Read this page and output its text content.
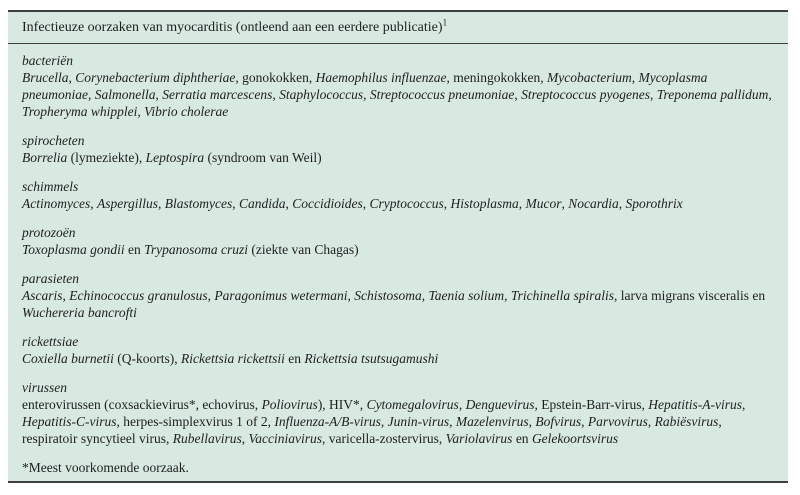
Infectieuze oorzaken van myocarditis (ontleend aan een eerdere publicatie)$^1$
bacteriën
Brucella, Corynebacterium diphtheriae, gonokokken, Haemophilus influenzae, meningokokken, Mycobacterium, Mycoplasma pneumoniae, Salmonella, Serratia marcescens, Staphylococcus, Streptococcus pneumoniae, Streptococcus pyogenes, Treponema pallidum, Tropheryma whipplei, Vibrio cholerae
spirocheten
Borrelia (lymeziekte), Leptospira (syndroom van Weil)
schimmels
Actinomyces, Aspergillus, Blastomyces, Candida, Coccidioides, Cryptococcus, Histoplasma, Mucor, Nocardia, Sporothrix
protozoën
Toxoplasma gondii en Trypanosoma cruzi (ziekte van Chagas)
parasieten
Ascaris, Echinococcus granulosus, Paragonimus wetermani, Schistosoma, Taenia solium, Trichinella spiralis, larva migrans visceralis en Wuchereria bancrofti
rickettsiae
Coxiella burnetii (Q-koorts), Rickettsia rickettsii en Rickettsia tsutsugamushi
virussen
enterovirussen (coxsackievirus*, echovirus, Poliovirus), HIV*, Cytomegalovirus, Denguevirus, Epstein-Barr-virus, Hepatitis-A-virus, Hepatitis-C-virus, herpes-simplexvirus 1 of 2, Influenza-A/B-virus, Junin-virus, Mazelenvirus, Bofvirus, Parvovirus, Rabiësvirus, respiratoir syncytieel virus, Rubellavirus, Vacciniavirus, varicella-zostervirus, Variolavirus en Gelekoortsvirus
*Meest voorkomende oorzaak.
